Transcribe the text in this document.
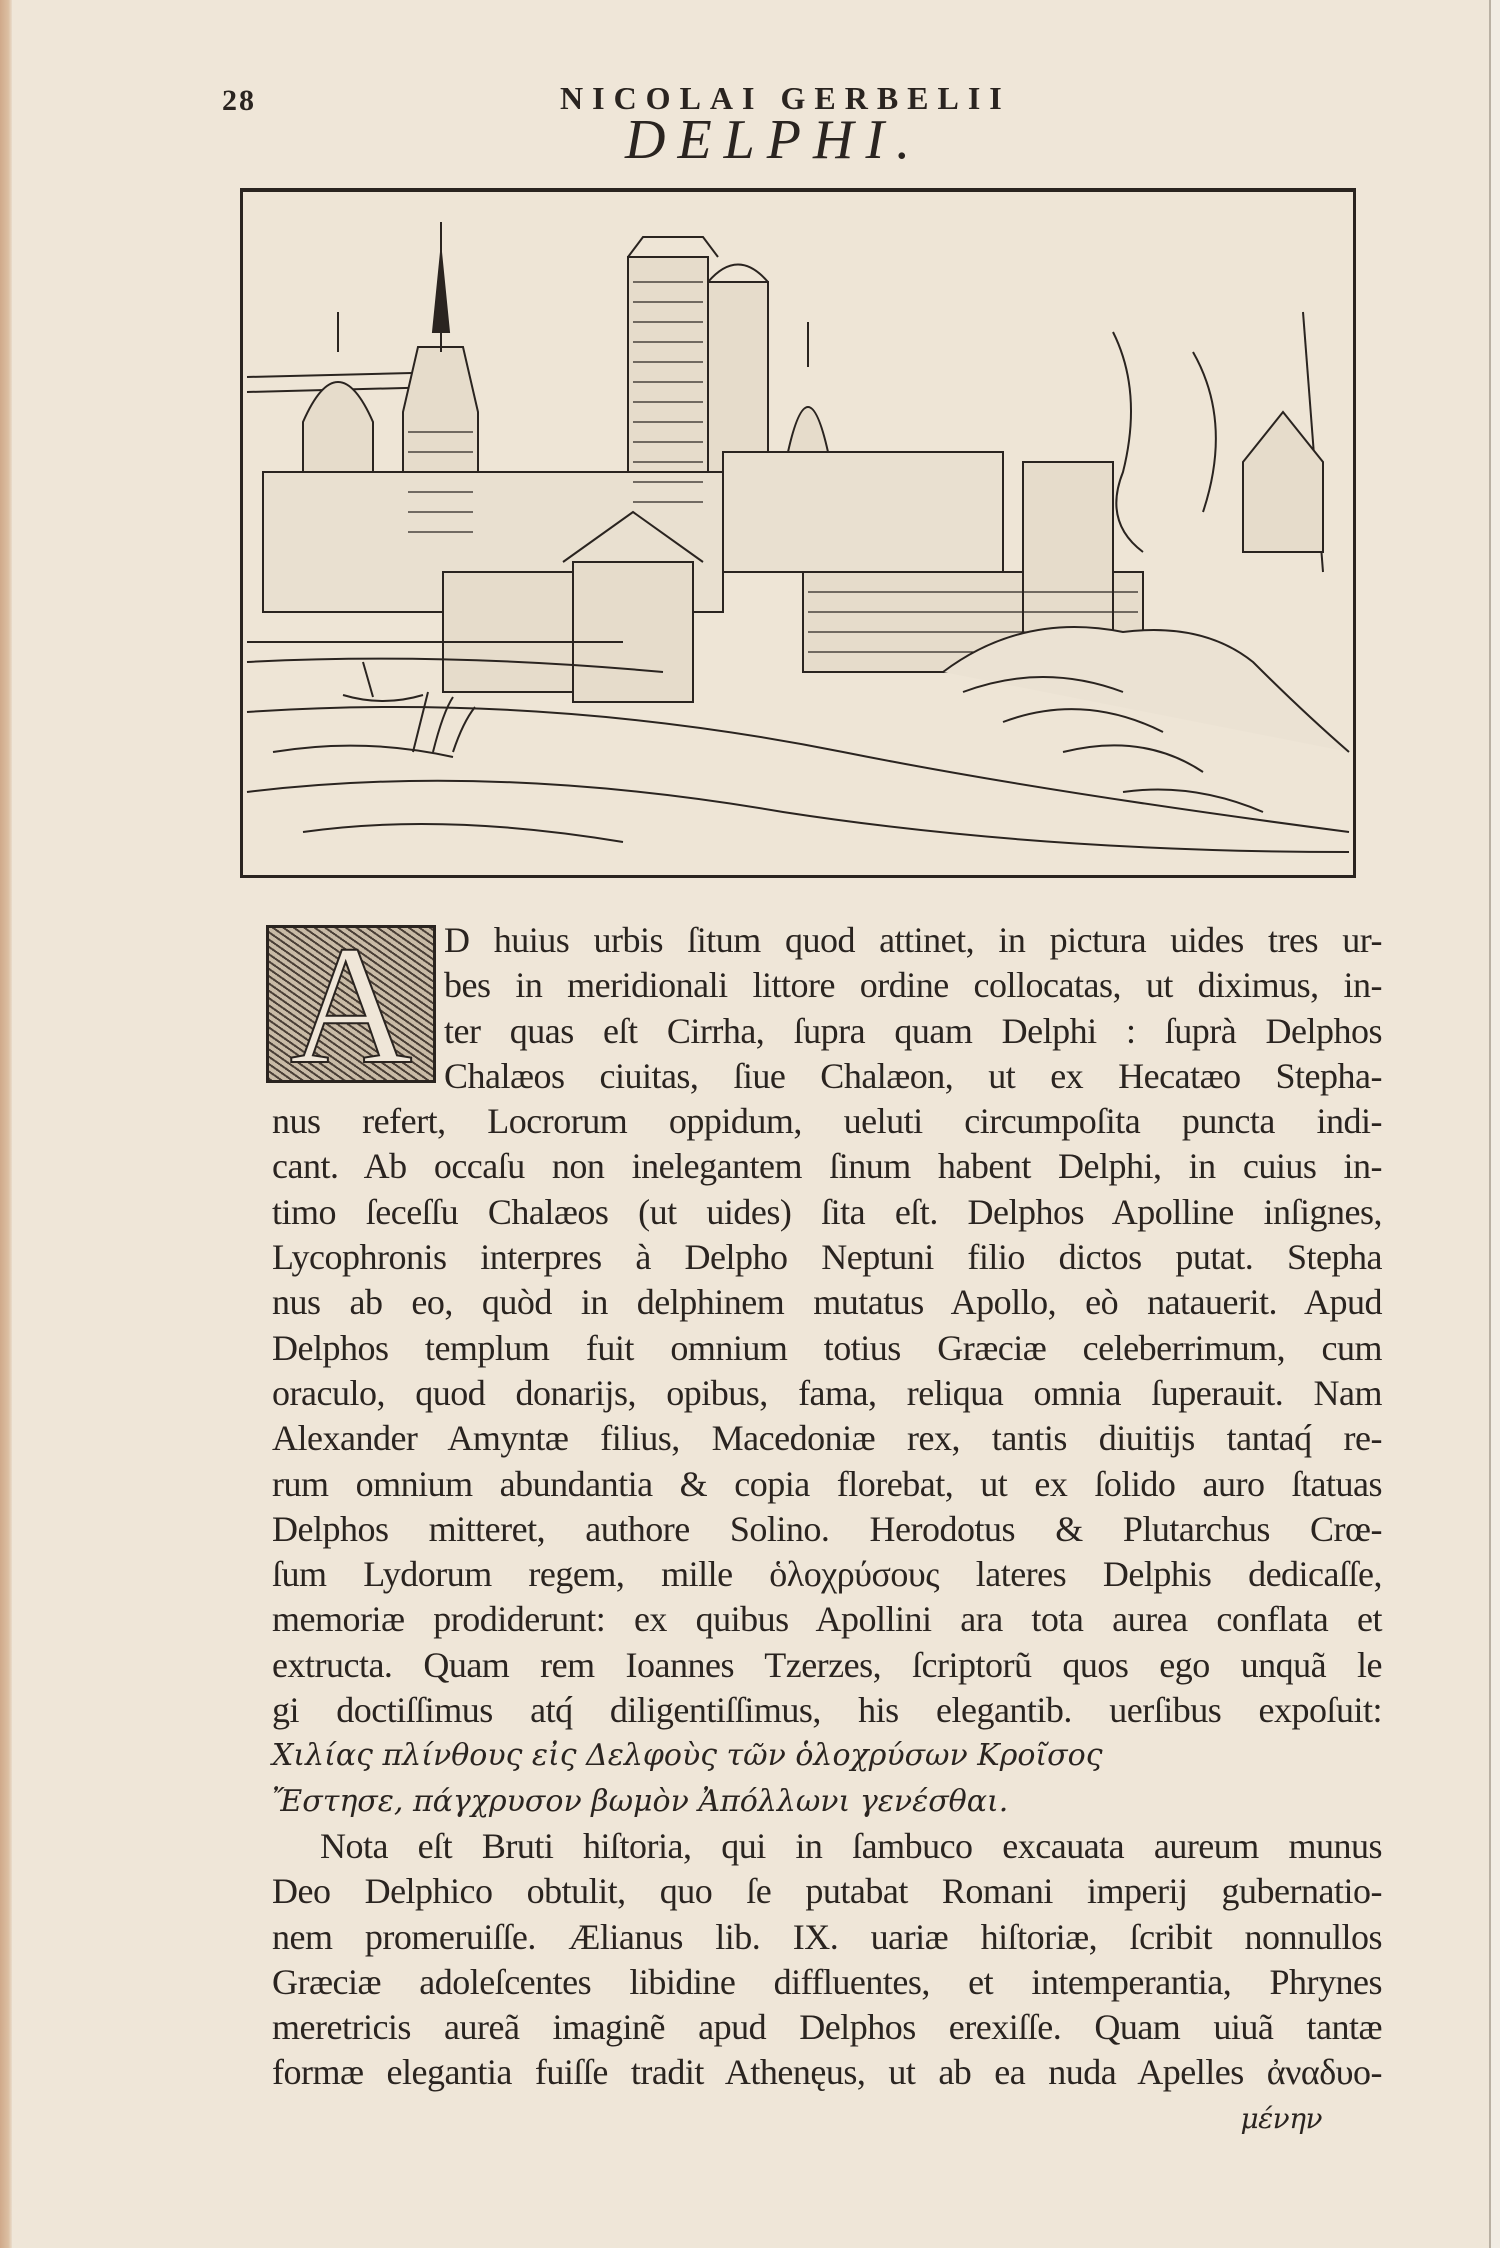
28	NICOLAI GERBELII
DELPHI.
A D huius urbis ſitum quod attinet, in pictura uides tres ur-
bes in meridionali littore ordine collocatas, ut diximus, in-
ter quas eſt Cirrha, ſupra quam Delphi : ſuprà Delphos
Chalæos ciuitas, ſiue Chalæon, ut ex Hecatæo Stepha-
nus refert, Locrorum oppidum, ueluti circumpoſita puncta indi-
cant. Ab occaſu non inelegantem ſinum habent Delphi, in cuius in-
timo ſeceſſu Chalæos (ut uides) ſita eſt. Delphos Apolline inſignes,
Lycophronis interpres à Delpho Neptuni filio dictos putat. Stepha
nus ab eo, quòd in delphinem mutatus Apollo, eò natauerit. Apud
Delphos templum fuit omnium totius Græciæ celeberrimum, cum
oraculo, quod donarijs, opibus, fama, reliqua omnia ſuperauit. Nam
Alexander Amyntæ filius, Macedoniæ rex, tantis diuitijs tantaq́ re-
rum omnium abundantia & copia florebat, ut ex ſolido auro ſtatuas
Delphos mitteret, authore Solino. Herodotus & Plutarchus Crœ-
ſum Lydorum regem, mille ὁλοχρύσους lateres Delphis dedicaſſe,
memoriæ prodiderunt: ex quibus Apollini ara tota aurea conflata et
extructa. Quam rem Ioannes Tzerzes, ſcriptorũ quos ego unquã le
gi doctiſſimus atq́ diligentiſſimus, his elegantib. uerſibus expoſuit:
Χιλίας πλίνθους εἰς Δελφοὺς τῶν ὁλοχρύσων Κροῖσος
Ἔστησε, πάγχρυσον βωμὸν Ἀπόλλωνι γενέσθαι.
Nota eſt Bruti hiſtoria, qui in ſambuco excauata aureum munus
Deo Delphico obtulit, quo ſe putabat Romani imperij gubernatio-
nem promeruiſſe. Ælianus lib. IX. uariæ hiſtoriæ, ſcribit nonnullos
Græciæ adoleſcentes libidine diffluentes, et intemperantia, Phrynes
meretricis aureã imaginẽ apud Delphos erexiſſe. Quam uiuã tantæ
formæ elegantia fuiſſe tradit Athenęus, ut ab ea nuda Apelles ἀναδυο-
μένην
